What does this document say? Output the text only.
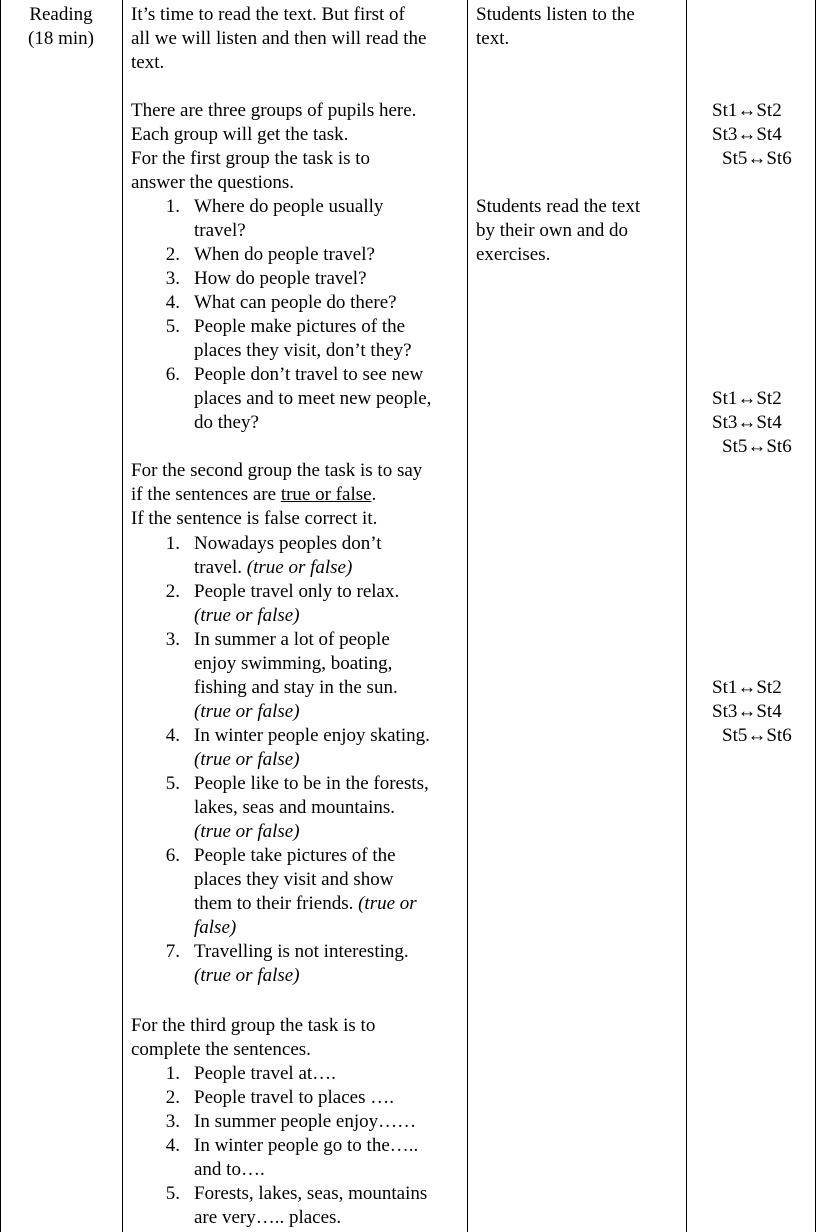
Reading
(18 min)
It’s time to read the text. But first of
all we will listen and then will read the
text.
There are three groups of pupils here.
Each group will get the task.
For the first group the task is to
answer the questions.
1. Where do people usually
travel?
2. When do people travel?
3. How do people travel?
4. What can people do there?
5. People make pictures of the
places they visit, don’t they?
6. People don’t travel to see new
places and to meet new people,
do they?
For the second group the task is to say
if the sentences are true or false.
If the sentence is false correct it.
1. Nowadays peoples don’t
travel. (true or false)
2. People travel only to relax.
(true or false)
3. In summer a lot of people
enjoy swimming, boating,
fishing and stay in the sun.
(true or false)
4. In winter people enjoy skating.
(true or false)
5. People like to be in the forests,
lakes, seas and mountains.
(true or false)
6. People take pictures of the
places they visit and show
them to their friends. (true or
false)
7. Travelling is not interesting.
(true or false)
For the third group the task is to
complete the sentences.
1. People travel at….
2. People travel to places ….
3. In summer people enjoy……
4. In winter people go to the…..
and to….
5. Forests, lakes, seas, mountains
are very….. places.
Students listen to the
text.
Students read the text
by their own and do
exercises.
St1↔St2
St3↔St4
St5↔St6
St1↔St2
St3↔St4
St5↔St6
St1↔St2
St3↔St4
St5↔St6
